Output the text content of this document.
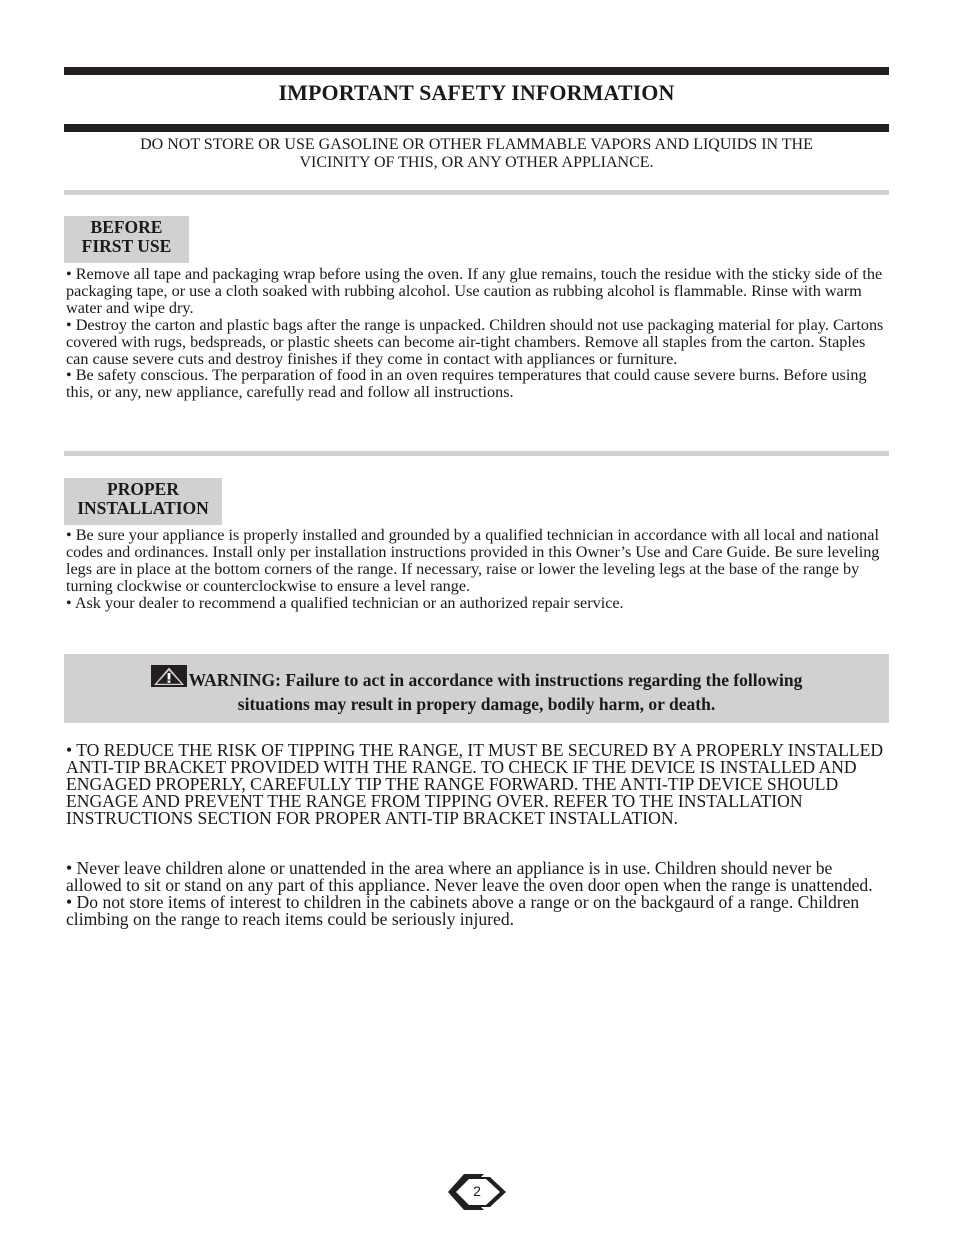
IMPORTANT SAFETY INFORMATION
DO NOT STORE OR USE GASOLINE OR OTHER FLAMMABLE VAPORS AND LIQUIDS IN THE
VICINITY OF THIS, OR ANY OTHER APPLIANCE.
BEFORE
FIRST USE

• Remove all tape and packaging wrap before using the oven. If any glue remains, touch the residue with the sticky side of the packaging tape, or use a cloth soaked with rubbing alcohol. Use caution as rubbing alcohol is flammable. Rinse with warm water and wipe dry.

• Destroy the carton and plastic bags after the range is unpacked. Children should not use packaging material for play. Cartons covered with rugs, bedspreads, or plastic sheets can become air-tight chambers. Remove all staples from the carton. Staples can cause severe cuts and destroy finishes if they come in contact with appliances or furniture.

• Be safety conscious. The perparation of food in an oven requires temperatures that could cause severe burns. Before using this, or any, new appliance, carefully read and follow all instructions.

PROPER
INSTALLATION

• Be sure your appliance is properly installed and grounded by a qualified technician in accordance with all local and national codes and ordinances. Install only per installation instructions provided in this Owner’s Use and Care Guide. Be sure leveling legs are in place at the bottom corners of the range. If necessary, raise or lower the leveling legs at the base of the range by turning clockwise or counterclockwise to ensure a level range.

• Ask your dealer to recommend a qualified technician or an authorized repair service.

WARNING: Failure to act in accordance with instructions regarding the following
situations may result in propery damage, bodily harm, or death.

• TO REDUCE THE RISK OF TIPPING THE RANGE, IT MUST BE SECURED BY A PROPERLY INSTALLED ANTI-TIP BRACKET PROVIDED WITH THE RANGE. TO CHECK IF THE DEVICE IS INSTALLED AND ENGAGED PROPERLY, CAREFULLY TIP THE RANGE FORWARD. THE ANTI-TIP DEVICE SHOULD ENGAGE AND PREVENT THE RANGE FROM TIPPING OVER. REFER TO THE INSTALLATION INSTRUCTIONS SECTION FOR PROPER ANTI-TIP BRACKET INSTALLATION.

• Never leave children alone or unattended in the area where an appliance is in use. Children should never be allowed to sit or stand on any part of this appliance. Never leave the oven door open when the range is unattended.

• Do not store items of interest to children in the cabinets above a range or on the backgaurd of a range. Children climbing on the range to reach items could be seriously injured.

2
